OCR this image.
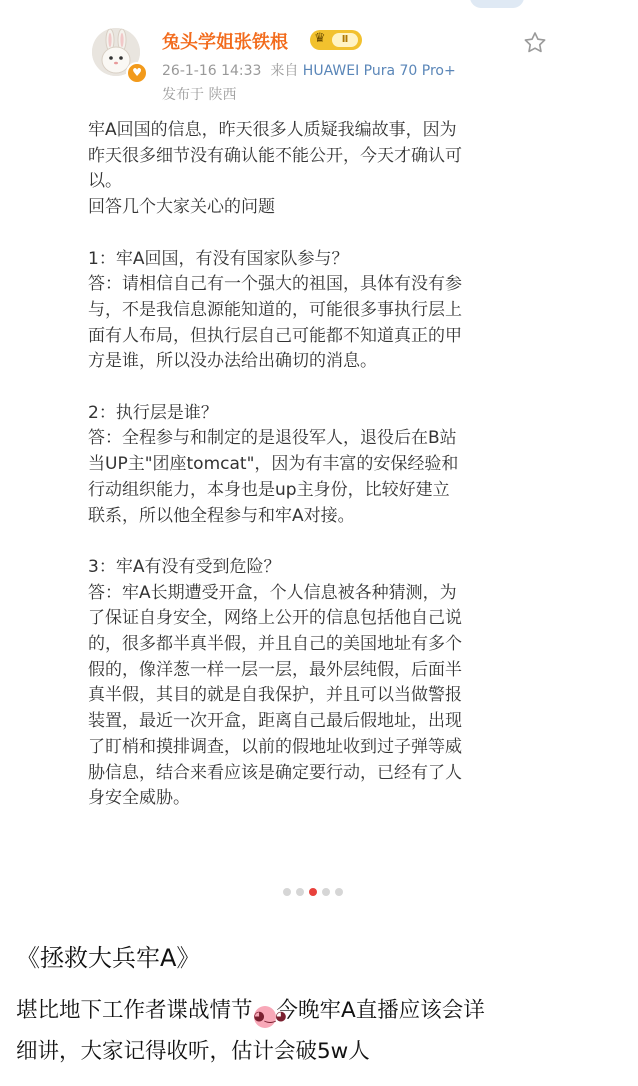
♥
兔头学姐张铁根 ♛	Ⅱ
26-1-16 14:33 来自 HUAWEI Pura 70 Pro+
发布于 陕西
牢A回国的信息，昨天很多人质疑我编故事，因为
昨天很多细节没有确认能不能公开，今天才确认可
以。
回答几个大家关心的问题
1：牢A回国，有没有国家队参与？
答：请相信自己有一个强大的祖国，具体有没有参
与，不是我信息源能知道的，可能很多事执行层上
面有人布局，但执行层自己可能都不知道真正的甲
方是谁，所以没办法给出确切的消息。
2：执行层是谁？
答：全程参与和制定的是退役军人，退役后在B站
当UP主"团座tomcat"，因为有丰富的安保经验和
行动组织能力，本身也是up主身份，比较好建立
联系，所以他全程参与和牢A对接。
3：牢A有没有受到危险？
答：牢A长期遭受开盒，个人信息被各种猜测，为
了保证自身安全，网络上公开的信息包括他自己说
的，很多都半真半假，并且自己的美国地址有多个
假的，像洋葱一样一层一层，最外层纯假，后面半
真半假，其目的就是自我保护，并且可以当做警报
装置，最近一次开盒，距离自己最后假地址，出现
了盯梢和摸排调查，以前的假地址收到过子弹等威
胁信息，结合来看应该是确定要行动，已经有了人
身安全威胁。
《拯救大兵牢A》
堪比地下工作者谍战情节◕‿◕今晚牢A直播应该会详
细讲，大家记得收听，估计会破5w人
